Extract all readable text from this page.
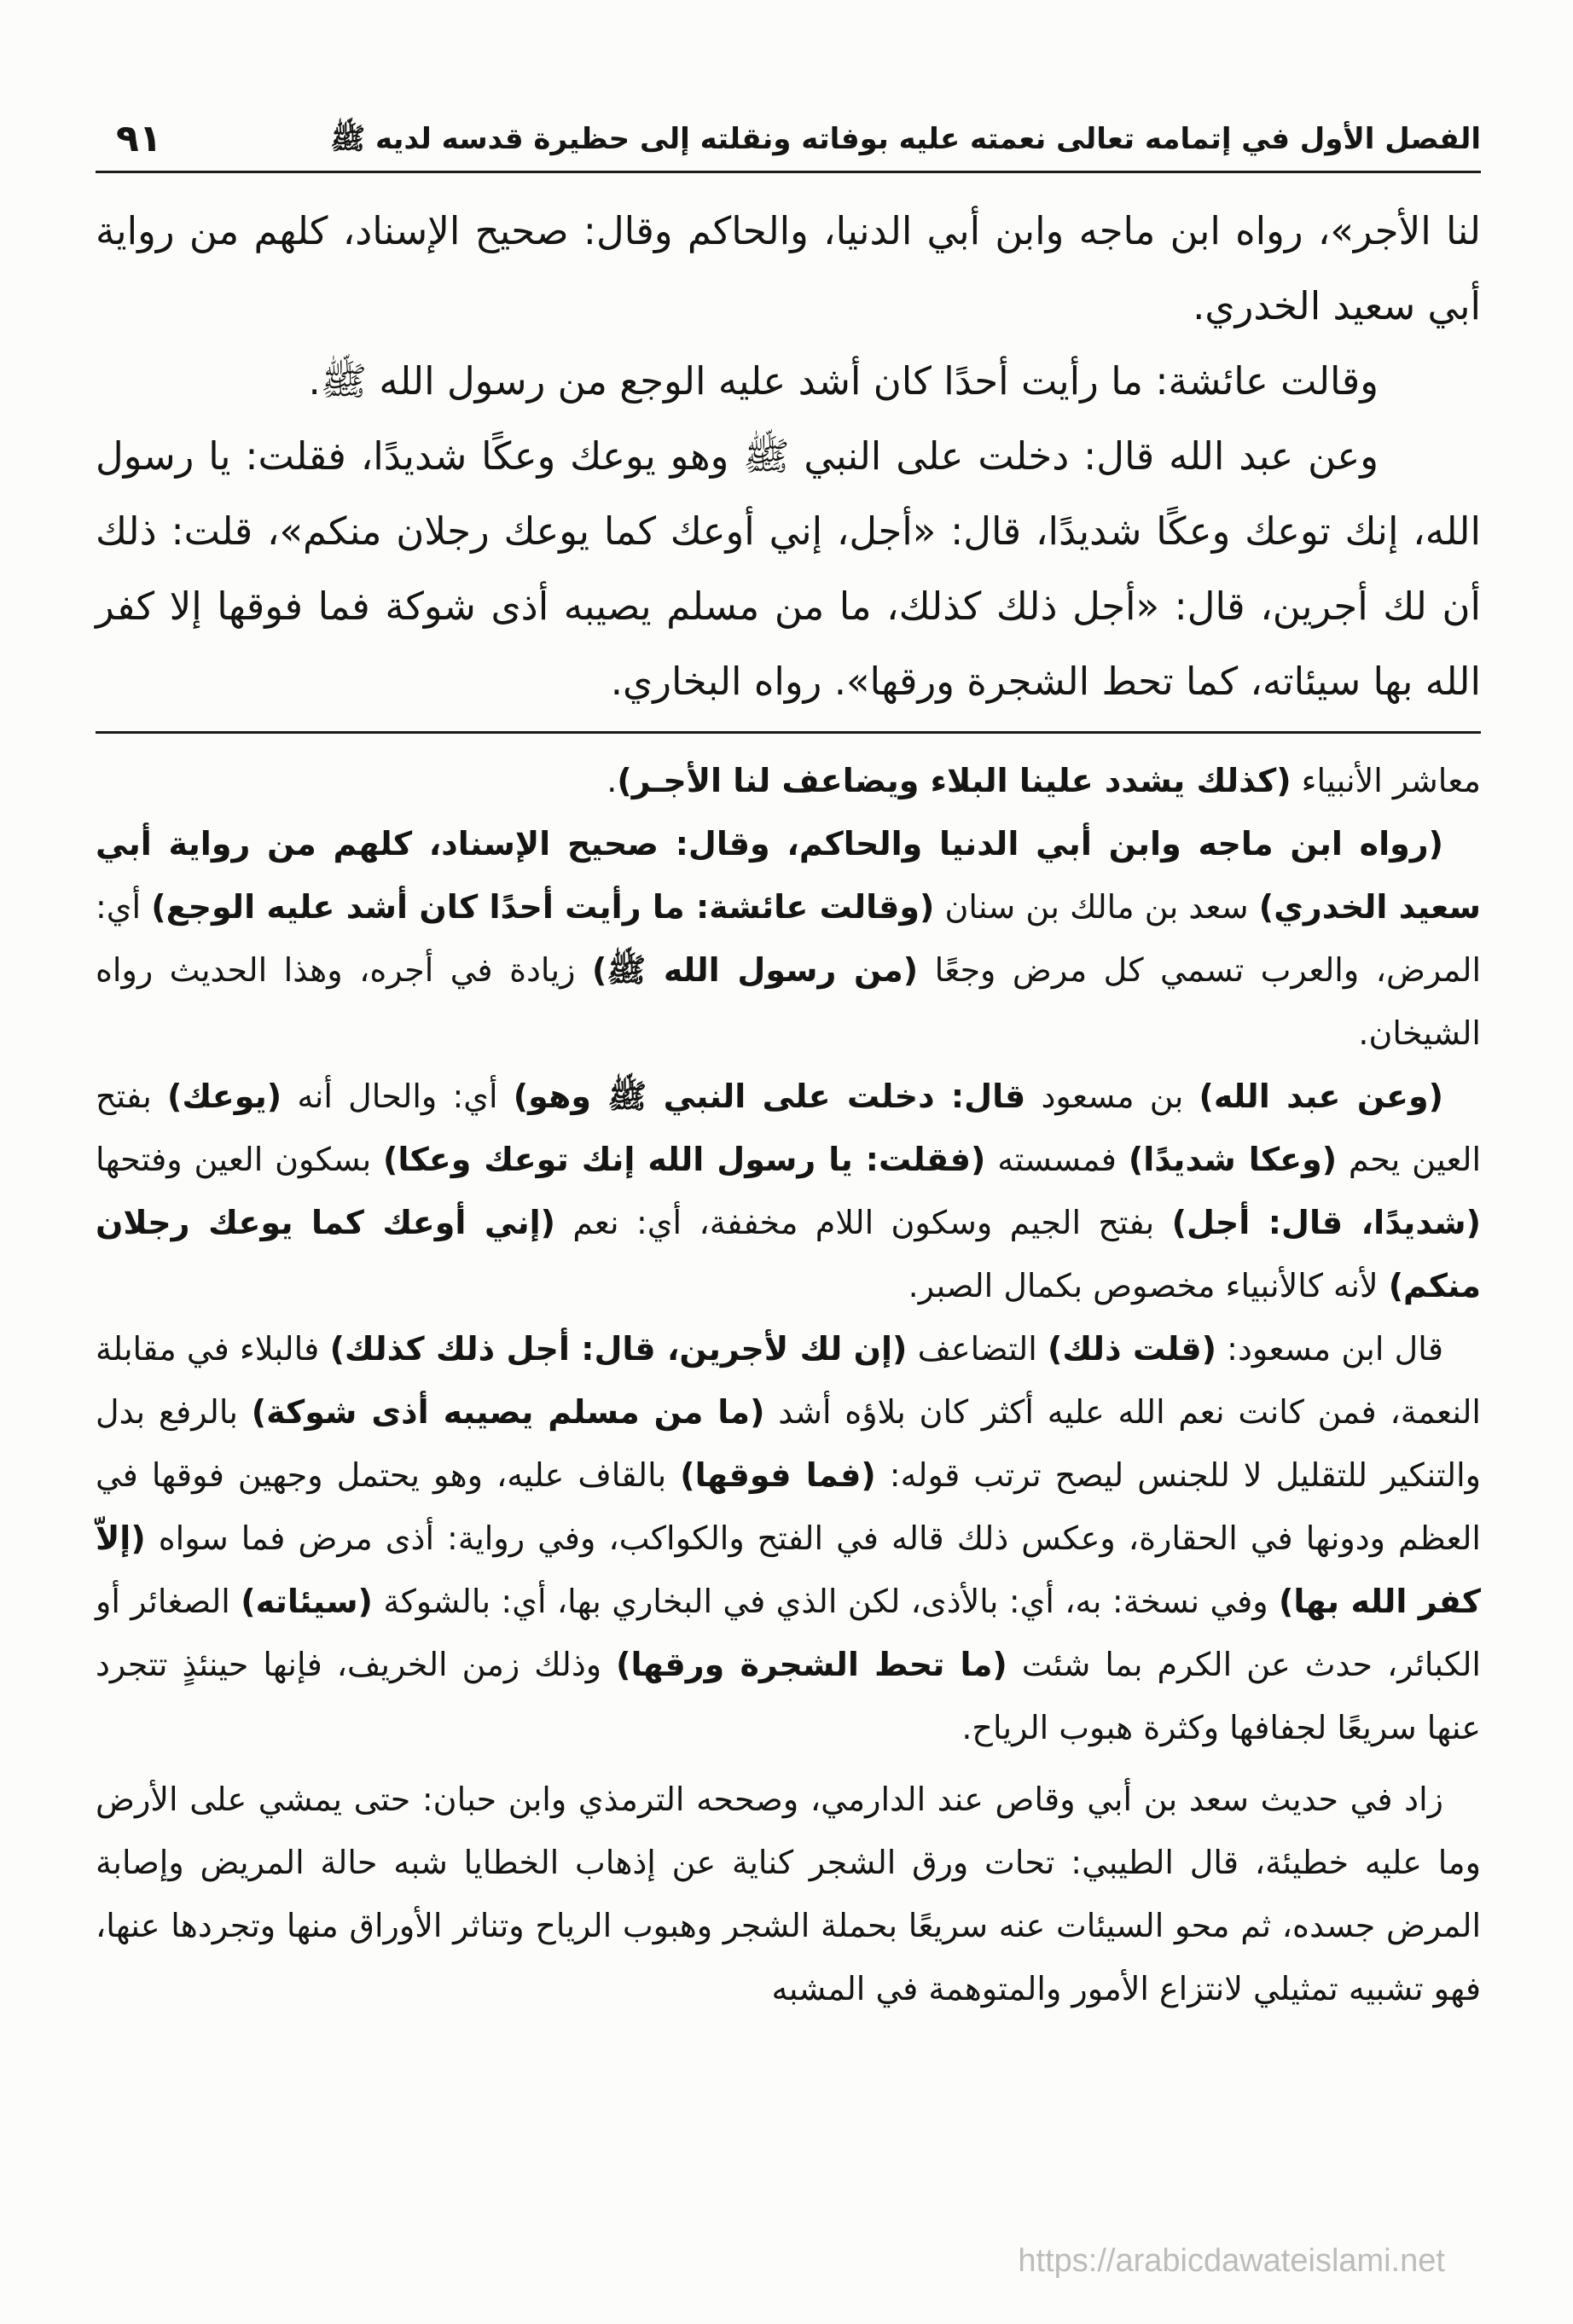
الفصل الأول في إتمامه تعالى نعمته عليه بوفاته ونقلته إلى حظيرة قدسه لديه ﷺ
٩١

لنا الأجر»، رواه ابن ماجه وابن أبي الدنيا، والحاكم وقال: صحيح الإسناد، كلهم من رواية أبي سعيد الخدري.

وقالت عائشة: ما رأيت أحدًا كان أشد عليه الوجع من رسول الله ﷺ.

وعن عبد الله قال: دخلت على النبي ﷺ وهو يوعك وعكًا شديدًا، فقلت: يا رسول الله، إنك توعك وعكًا شديدًا، قال: «أجل، إني أوعك كما يوعك رجلان منكم»، قلت: ذلك أن لك أجرين، قال: «أجل ذلك كذلك، ما من مسلم يصيبه أذى شوكة فما فوقها إلا كفر الله بها سيئاته، كما تحط الشجرة ورقها». رواه البخاري.

معاشر الأنبياء (كذلك يشدد علينا البلاء ويضاعف لنا الأجـر).

(رواه ابن ماجه وابن أبي الدنيا والحاكم، وقال: صحيح الإسناد، كلهم من رواية أبي سعيد الخدري) سعد بن مالك بن سنان (وقالت عائشة: ما رأيت أحدًا كان أشد عليه الوجع) أي: المرض، والعرب تسمي كل مرض وجعًا (من رسول الله ﷺ) زيادة في أجره، وهذا الحديث رواه الشيخان.

(وعن عبد الله) بن مسعود قال: دخلت على النبي ﷺ وهو) أي: والحال أنه (يوعك) بفتح العين يحم (وعكا شديدًا) فمسسته (فقلت: يا رسول الله إنك توعك وعكا) بسكون العين وفتحها (شديدًا، قال: أجل) بفتح الجيم وسكون اللام مخففة، أي: نعم (إني أوعك كما يوعك رجلان منكم) لأنه كالأنبياء مخصوص بكمال الصبر.

قال ابن مسعود: (قلت ذلك) التضاعف (إن لك لأجرين، قال: أجل ذلك كذلك) فالبلاء في مقابلة النعمة، فمن كانت نعم الله عليه أكثر كان بلاؤه أشد (ما من مسلم يصيبه أذى شوكة) بالرفع بدل والتنكير للتقليل لا للجنس ليصح ترتب قوله: (فما فوقها) بالقاف عليه، وهو يحتمل وجهين فوقها في العظم ودونها في الحقارة، وعكس ذلك قاله في الفتح والكواكب، وفي رواية: أذى مرض فما سواه (إلاّ كفر الله بها) وفي نسخة: به، أي: بالأذى، لكن الذي في البخاري بها، أي: بالشوكة (سيئاته) الصغائر أو الكبائر، حدث عن الكرم بما شئت (ما تحط الشجرة ورقها) وذلك زمن الخريف، فإنها حينئذٍ تتجرد عنها سريعًا لجفافها وكثرة هبوب الرياح.

زاد في حديث سعد بن أبي وقاص عند الدارمي، وصححه الترمذي وابن حبان: حتى يمشي على الأرض وما عليه خطيئة، قال الطيبي: تحات ورق الشجر كناية عن إذهاب الخطايا شبه حالة المريض وإصابة المرض جسده، ثم محو السيئات عنه سريعًا بحملة الشجر وهبوب الرياح وتناثر الأوراق منها وتجردها عنها، فهو تشبيه تمثيلي لانتزاع الأمور والمتوهمة في المشبه

https://arabicdawateislami.net
